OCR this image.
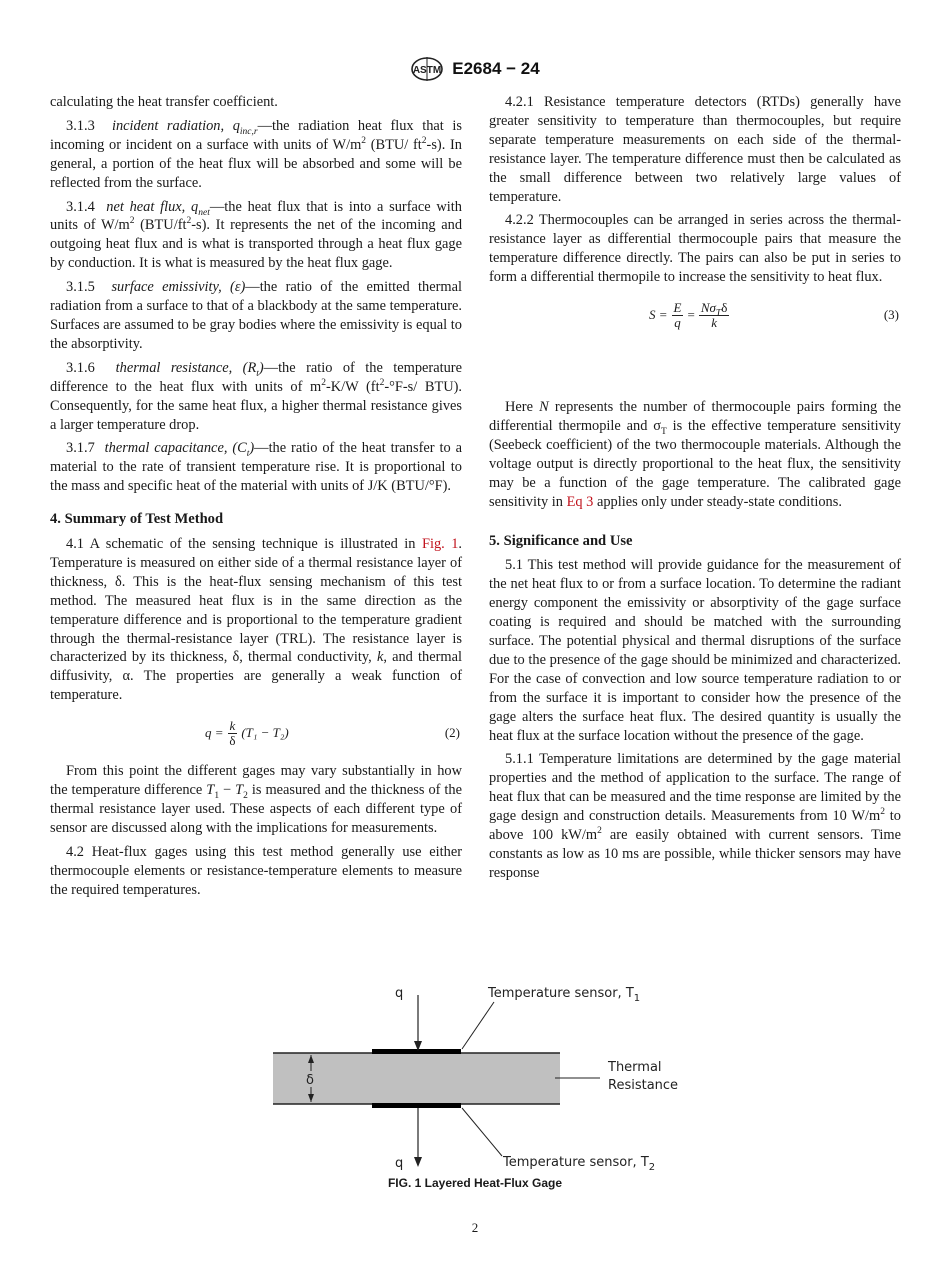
ASTM E2684 − 24

calculating the heat transfer coefficient.

3.1.3 incident radiation, $q_{inc,r}—the$ radiation heat flux that is incoming or incident on a surface with units of $W/m^2$ (BTU/ $ft^2-s$). In general, a portion of the heat flux will be absorbed and some will be reflected from the surface.

3.1.4 net heat flux, $q_{net}—the$ heat flux that is into a surface with units of $W/m^2$ $(BTU/ft^2-s)$. It represents the net of the incoming and outgoing heat flux and is what is transported through a heat flux gage by conduction. It is what is measured by the heat flux gage.

3.1.5 surface emissivity, (ε)—the ratio of the emitted thermal radiation from a surface to that of a blackbody at the same temperature. Surfaces are assumed to be gray bodies where the emissivity is equal to the absorptivity.

3.1.6 thermal resistance, $(R_t)—the$ ratio of the temperature difference to the heat flux with units of $m^2-K/W$ ($ft^2-^\circ F-s/$ BTU). Consequently, for the same heat flux, a higher thermal resistance gives a larger temperature drop.

3.1.7 thermal capacitance, $(C_t)—the$ ratio of the heat transfer to a material to the rate of transient temperature rise. It is proportional to the mass and specific heat of the material with units of J/K (BTU/°F).

4. Summary of Test Method

4.1 A schematic of the sensing technique is illustrated in Fig. 1. Temperature is measured on either side of a thermal resistance layer of thickness, δ. This is the heat-flux sensing mechanism of this test method. The measured heat flux is in the same direction as the temperature difference and is proportional to the temperature gradient through the thermal-resistance layer (TRL). The resistance layer is characterized by its thickness, δ, thermal conductivity, k, and thermal diffusivity, α. The properties are generally a weak function of temperature.

$q = \frac{k}{\delta} (T_1 - T_2)$	(2)

From this point the different gages may vary substantially in how the temperature difference $T_1 - T_2$ is measured and the thickness of the thermal resistance layer used. These aspects of each different type of sensor are discussed along with the implications for measurements.

4.2 Heat-flux gages using this test method generally use either thermocouple elements or resistance-temperature elements to measure the required temperatures.

4.2.1 Resistance temperature detectors (RTDs) generally have greater sensitivity to temperature than thermocouples, but require separate temperature measurements on each side of the thermal-resistance layer. The temperature difference must then be calculated as the small difference between two relatively large values of temperature.

4.2.2 Thermocouples can be arranged in series across the thermal-resistance layer as differential thermocouple pairs that measure the temperature difference directly. The pairs can also be put in series to form a differential thermopile to increase the sensitivity to heat flux.

$S = \frac{E}{q} = \frac{N\sigma_T\delta}{k}$	(3)

Here N represents the number of thermocouple pairs forming the differential thermopile and $\sigma_T$ is the effective temperature sensitivity (Seebeck coefficient) of the two thermocouple materials. Although the voltage output is directly proportional to the heat flux, the sensitivity may be a function of the gage temperature. The calibrated gage sensitivity in Eq 3 applies only under steady-state conditions.

5. Significance and Use

5.1 This test method will provide guidance for the measurement of the net heat flux to or from a surface location. To determine the radiant energy component the emissivity or absorptivity of the gage surface coating is required and should be matched with the surrounding surface. The potential physical and thermal disruptions of the surface due to the presence of the gage should be minimized and characterized. For the case of convection and low source temperature radiation to or from the surface it is important to consider how the presence of the gage alters the surface heat flux. The desired quantity is usually the heat flux at the surface location without the presence of the gage.

5.1.1 Temperature limitations are determined by the gage material properties and the method of application to the surface. The range of heat flux that can be measured and the time response are limited by the gage design and construction details. Measurements from 10 $W/m^2$ to above 100 $kW/m^2$ are easily obtained with current sensors. Time constants as low as 10 ms are possible, while thicker sensors may have response

q
q
δ
Temperature sensor, $T_1$
Temperature sensor, $T_2$
Thermal
Resistance
FIG. 1 Layered Heat-Flux Gage
2
